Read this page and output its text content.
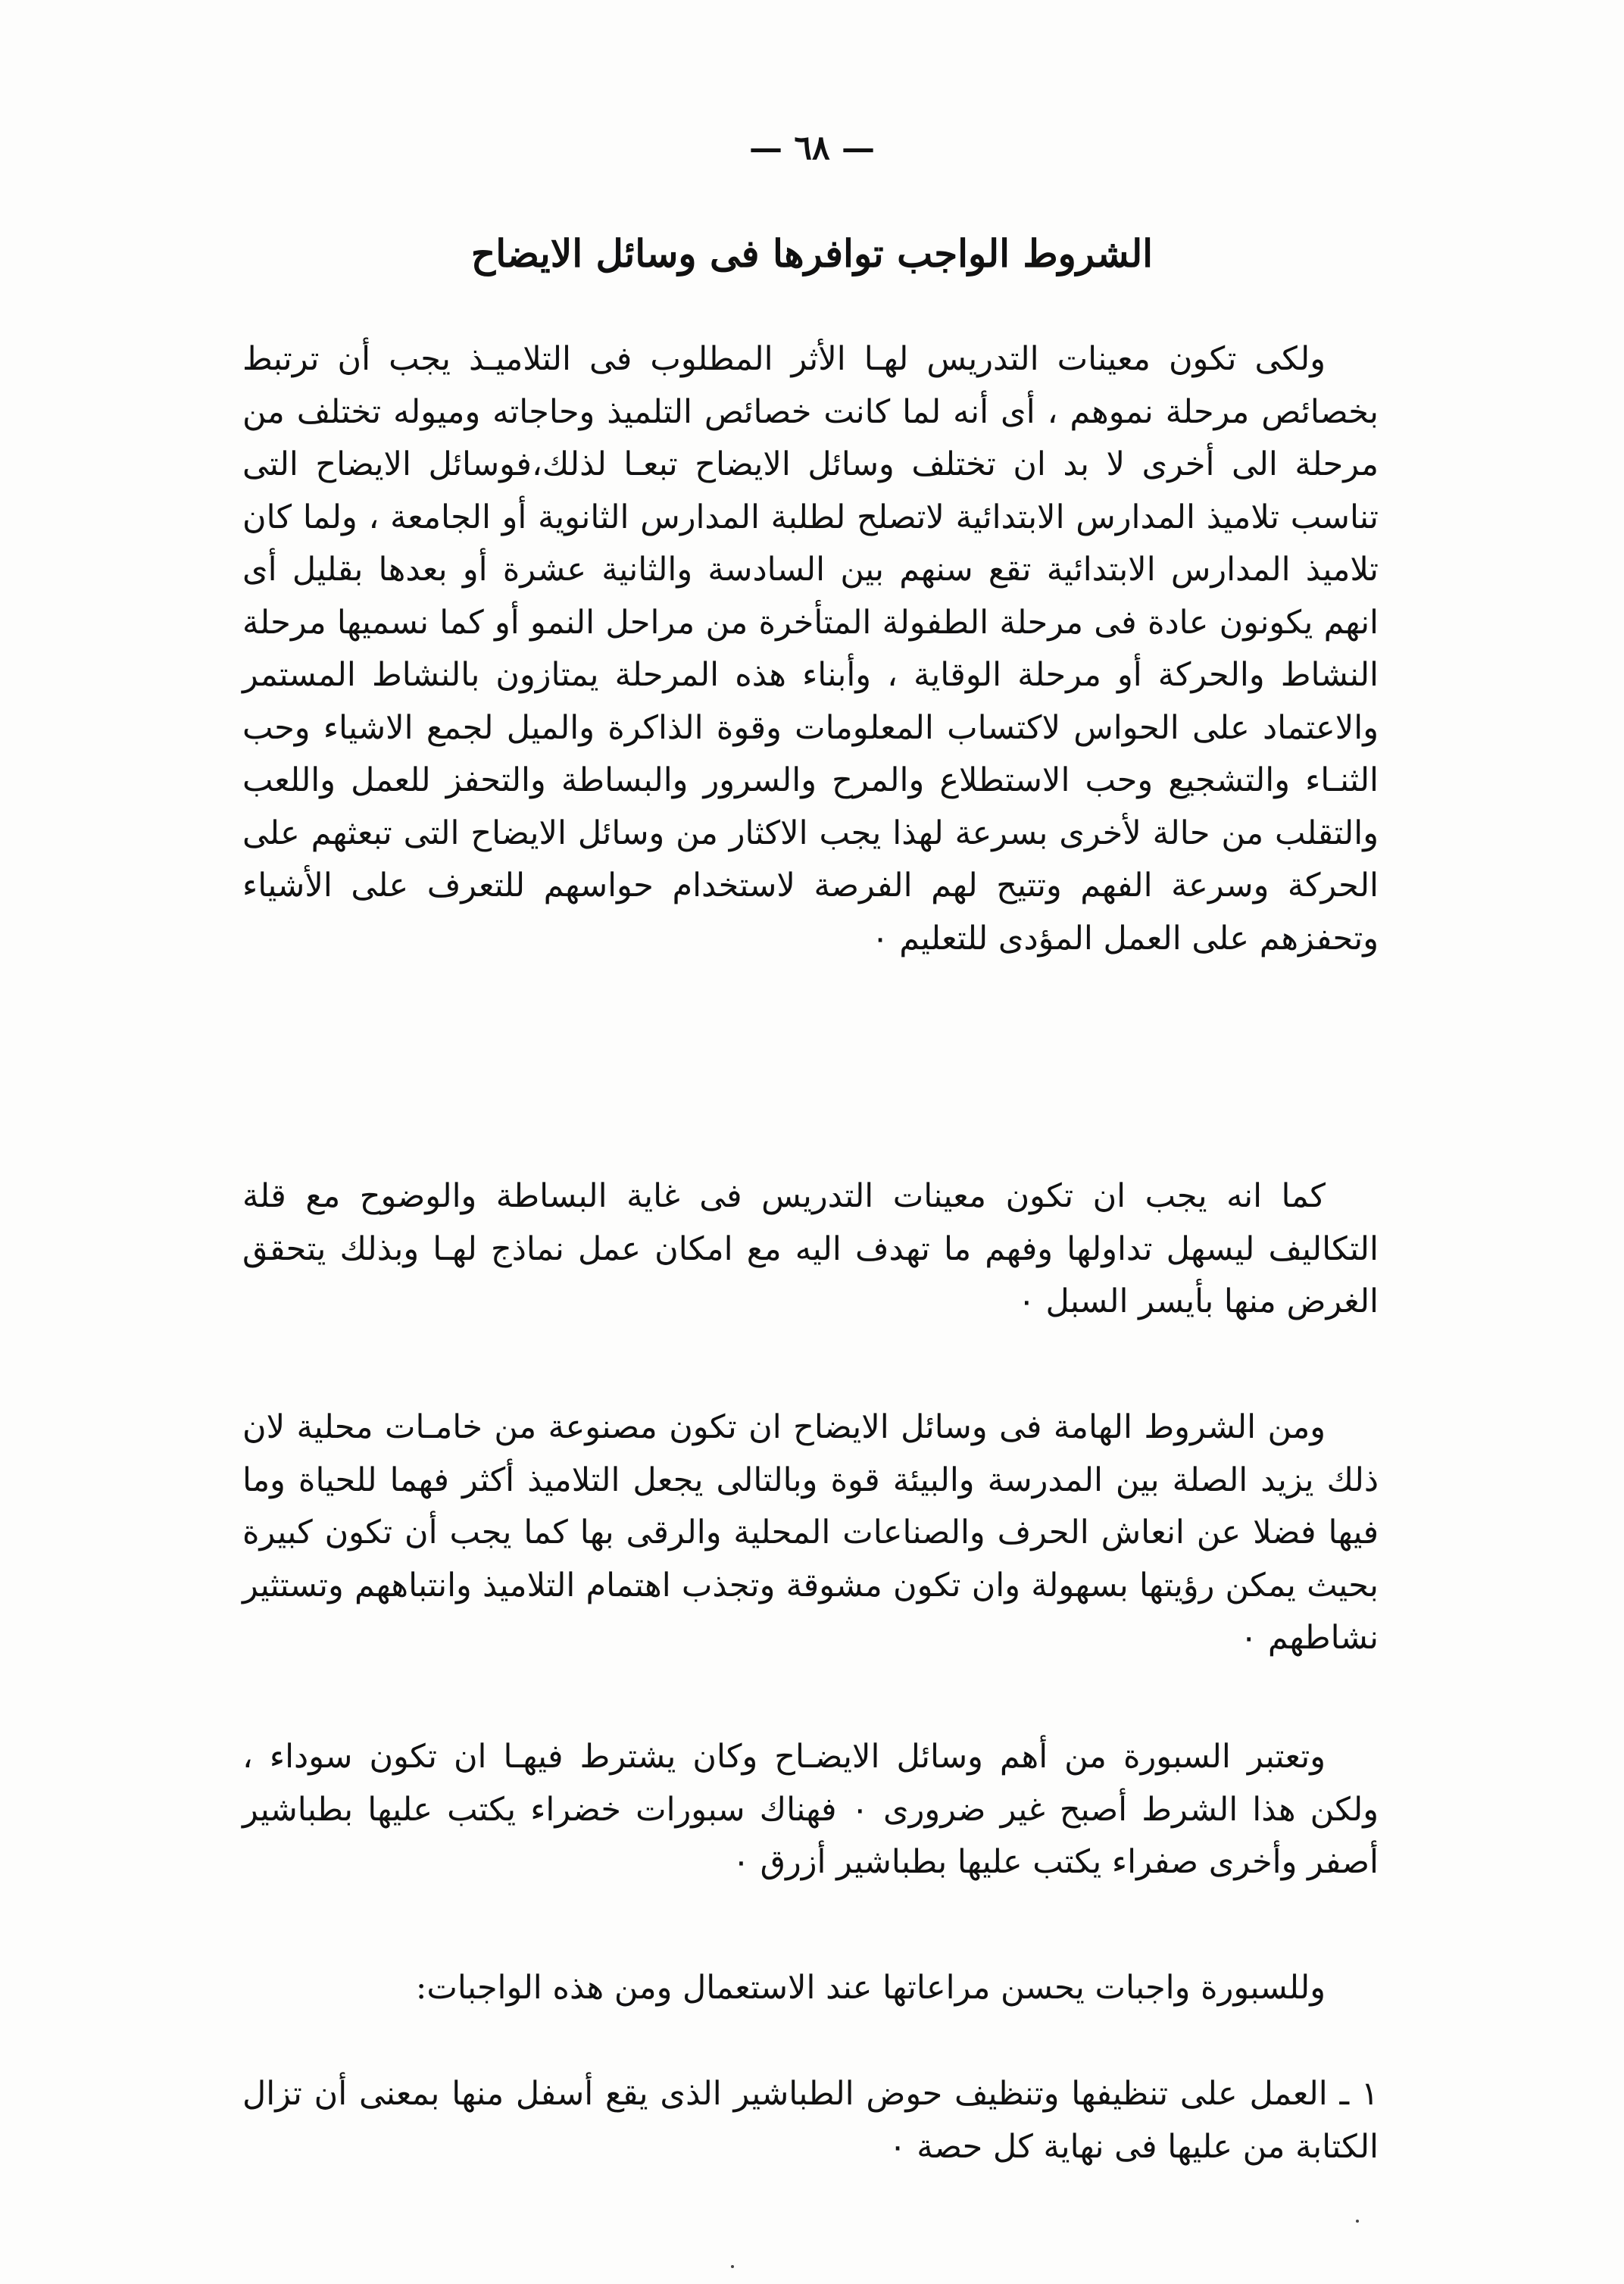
— ٦٨ —
الشروط الواجب توافرها فى وسائل الايضاح

ولكى تكون معينات التدريس لهـا الأثر المطلوب فى التلاميـذ يجب أن ترتبط بخصائص مرحلة نموهم ، أى أنه لما كانت خصائص التلميذ وحاجاته وميوله تختلف من مرحلة الى أخرى لا بد ان تختلف وسائل الايضاح تبعـا لذلك،فوسائل الايضاح التى تناسب تلاميذ المدارس الابتدائية لاتصلح لطلبة المدارس الثانوية أو الجامعة ، ولما كان تلاميذ المدارس الابتدائية تقع سنهم بين السادسة والثانية عشرة أو بعدها بقليل أى انهم يكونون عادة فى مرحلة الطفولة المتأخرة من مراحل النمو أو كما نسميها مرحلة النشاط والحركة أو مرحلة الوقاية ، وأبناء هذه المرحلة يمتازون بالنشاط المستمر والاعتماد على الحواس لاكتساب المعلومات وقوة الذاكرة والميل لجمع الاشياء وحب الثنـاء والتشجيع وحب الاستطلاع والمرح والسرور والبساطة والتحفز للعمل واللعب والتقلب من حالة لأخرى بسرعة لهذا يجب الاكثار من وسائل الايضاح التى تبعثهم على الحركة وسرعة الفهم وتتيح لهم الفرصة لاستخدام حواسهم للتعرف على الأشياء وتحفزهم على العمل المؤدى للتعليم ٠

كما انه يجب ان تكون معينات التدريس فى غاية البساطة والوضوح مع قلة التكاليف ليسهل تداولها وفهم ما تهدف اليه مع امكان عمل نماذج لهـا وبذلك يتحقق الغرض منها بأيسر السبل ٠

ومن الشروط الهامة فى وسائل الايضاح ان تكون مصنوعة من خامـات محلية لان ذلك يزيد الصلة بين المدرسة والبيئة قوة وبالتالى يجعل التلاميذ أكثر فهما للحياة وما فيها فضلا عن انعاش الحرف والصناعات المحلية والرقى بها كما يجب أن تكون كبيرة بحيث يمكن رؤيتها بسهولة وان تكون مشوقة وتجذب اهتمام التلاميذ وانتباههم وتستثير نشاطهم ٠

وتعتبر السبورة من أهم وسائل الايضـاح وكان يشترط فيهـا ان تكون سوداء ، ولكن هذا الشرط أصبح غير ضرورى ٠ فهناك سبورات خضراء يكتب عليها بطباشير أصفر وأخرى صفراء يكتب عليها بطباشير أزرق ٠

وللسبورة واجبات يحسن مراعاتها عند الاستعمال ومن هذه الواجبات:

١ ـ العمل على تنظيفها وتنظيف حوض الطباشير الذى يقع أسفل منها بمعنى أن تزال الكتابة من عليها فى نهاية كل حصة ٠
